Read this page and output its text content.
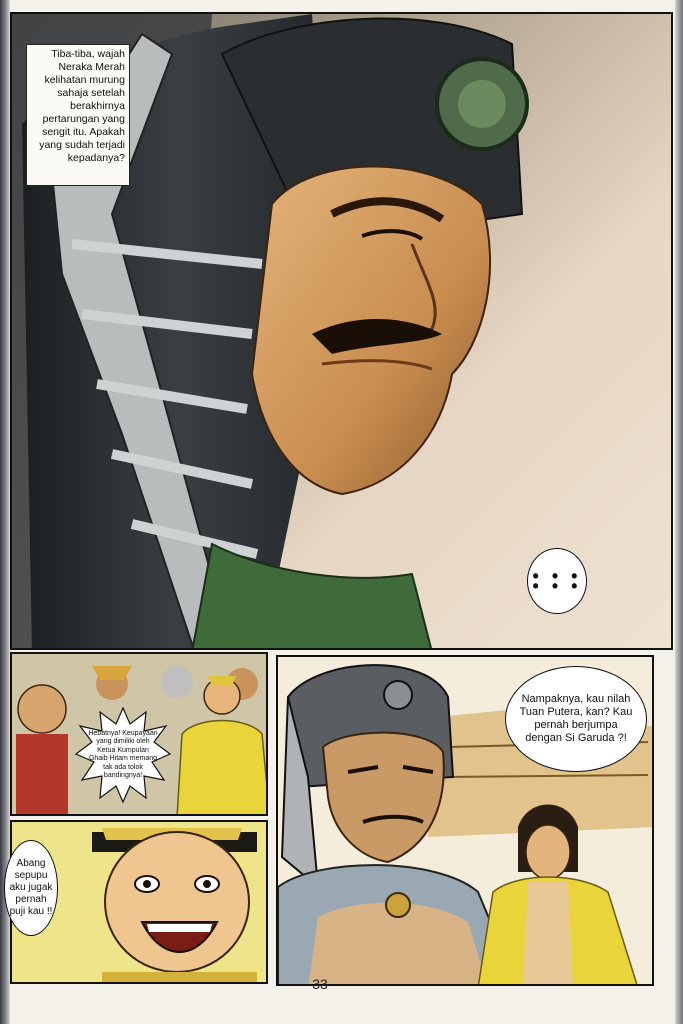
Tiba-tiba, wajah Neraka Merah kelihatan murung sahaja setelah berakhirnya pertarungan yang sengit itu. Apakah yang sudah terjadi kepadanya?
• • • • • •
Hebatnya! Keupayaan yang dimiliki oleh Ketua Kumpulan Ghaib Hitam memang tak ada tolok bandingnya!
Abang sepupu aku jugak pernah puji kau !!
Nampaknya, kau nilah Tuan Putera, kan? Kau pernah berjumpa dengan Si Garuda ?!
33
